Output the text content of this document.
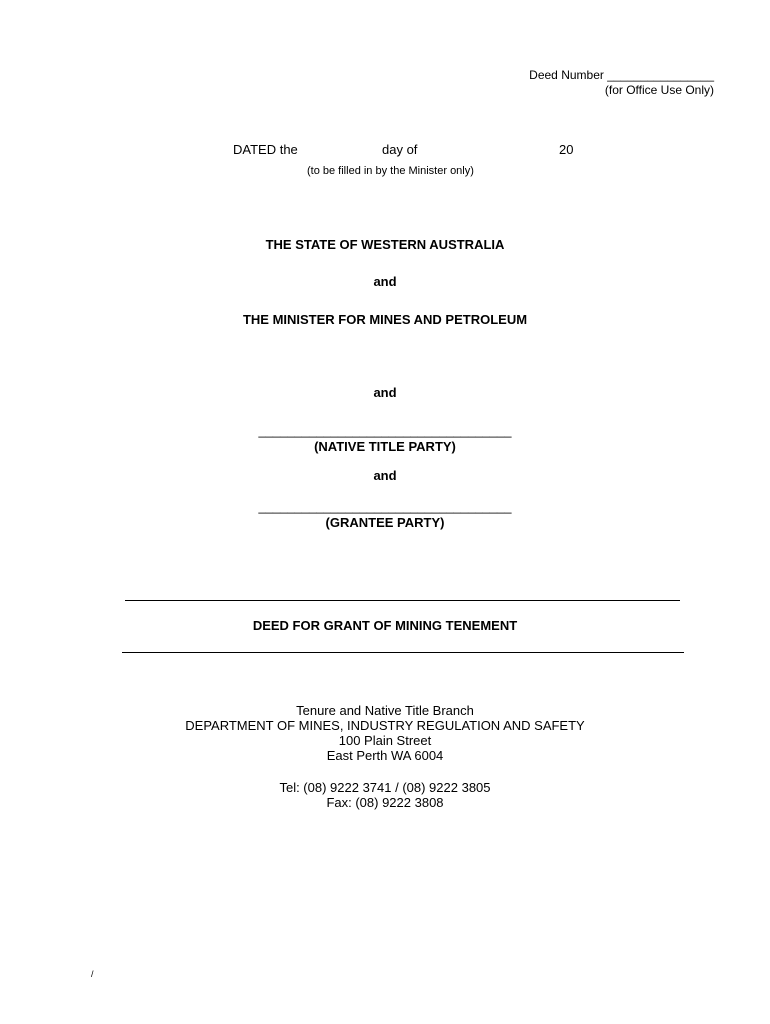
Deed Number ________________
(for Office Use Only)
DATED the	day of	20
(to be filled in by the Minister only)
THE STATE OF WESTERN AUSTRALIA
and
THE MINISTER FOR MINES AND PETROLEUM
and
___________________________________
(NATIVE TITLE PARTY)
and
___________________________________
(GRANTEE PARTY)
DEED FOR GRANT OF MINING TENEMENT
Tenure and Native Title Branch
DEPARTMENT OF MINES, INDUSTRY REGULATION AND SAFETY
100 Plain Street
East Perth WA 6004
Tel: (08) 9222 3741 / (08) 9222 3805
Fax: (08) 9222 3808
/
